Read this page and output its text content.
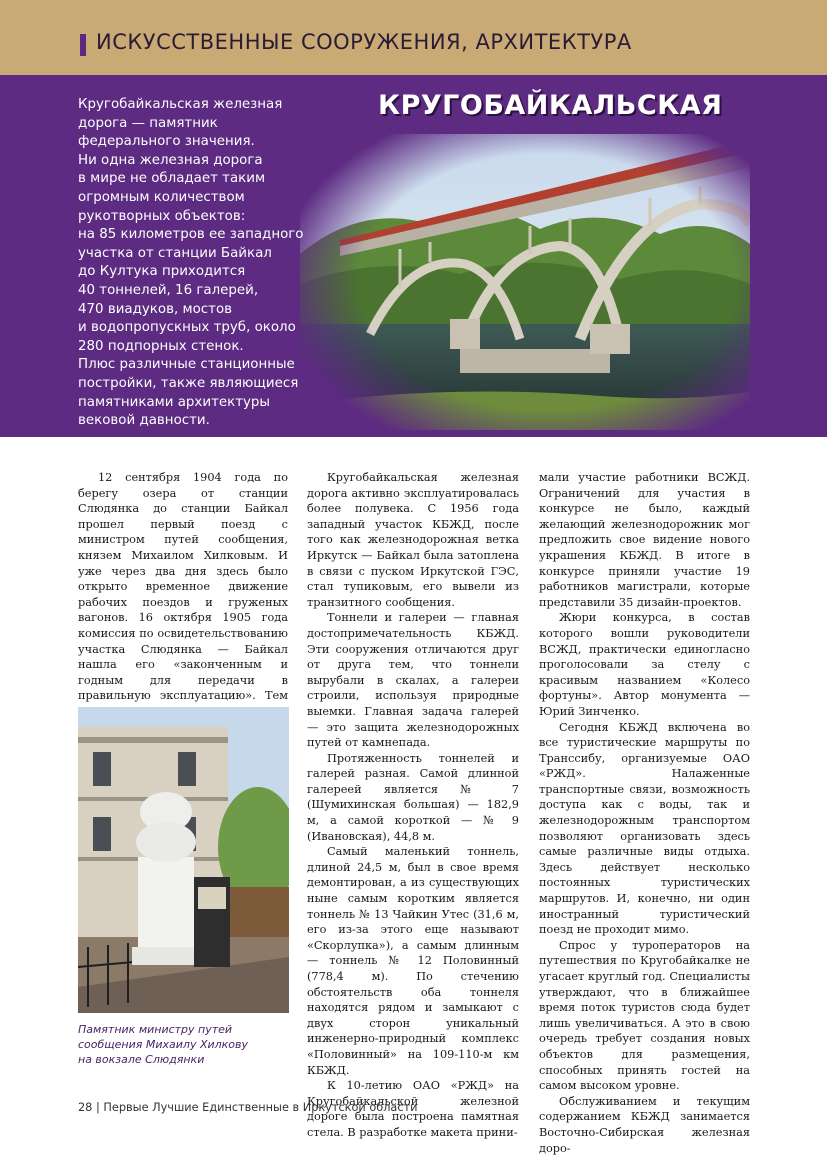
ИСКУССТВЕННЫЕ СООРУЖЕНИЯ, АРХИТЕКТУРА
КРУГОБАЙКАЛЬСКАЯ
Кругобайкальская железная
дорога — памятник
федерального значения.
Ни одна железная дорога
в мире не обладает таким
огромным количеством
рукотворных объектов:
на 85 километров ее западного
участка от станции Байкал
до Култука приходится
40 тоннелей, 16 галерей,
470 виадуков, мостов
и водопропускных труб, около
280 подпорных стенок.
Плюс различные станционные
постройки, также являющиеся
памятниками архитектуры
вековой давности.

12 сентября 1904 года по берегу озера от станции Слюдянка до станции Байкал прошел первый поезд с министром путей сообщения, князем Михаилом Хилковым. И уже через два дня здесь было открыто временное движение рабочих поездов и груженых вагонов. 16 октября 1905 года комиссия по освидетельствованию участка Слюдянка — Байкал нашла его «законченным и годным для передачи в правильную эксплуатацию». Тем

Памятник министру путей
сообщения Михаилу Хилкову
на вокзале Слюдянки

Кругобайкальская железная дорога активно эксплуатировалась более полувека. С 1956 года западный участок КБЖД, после того как железнодорожная ветка Иркутск — Байкал была затоплена в связи с пуском Иркутской ГЭС, стал тупиковым, его вывели из транзитного сообщения.

Тоннели и галереи — главная достопримечательность КБЖД. Эти сооружения отличаются друг от друга тем, что тоннели вырубали в скалах, а галереи строили, используя природные выемки. Главная задача галерей — это защита железнодорожных путей от камнепада.

Протяженность тоннелей и галерей разная. Самой длинной галереей является № 7 (Шумихинская большая) — 182,9 м, а самой короткой — № 9 (Ивановская), 44,8 м.

Самый маленький тоннель, длиной 24,5 м, был в свое время демонтирован, а из существующих ныне самым коротким является тоннель № 13 Чайкин Утес (31,6 м, его из-за этого еще называют «Скорлупка»), а самым длинным — тоннель № 12 Половинный (778,4 м). По стечению обстоятельств оба тоннеля находятся рядом и замыкают с двух сторон уникальный инженерно-природный комплекс «Половинный» на 109-110-м км КБЖД.

К 10-летию ОАО «РЖД» на Кругобайкальской железной дороге была построена памятная стела. В разработке макета прини-

мали участие работники ВСЖД. Ограничений для участия в конкурсе не было, каждый желающий железнодорожник мог предложить свое видение нового украшения КБЖД. В итоге в конкурсе приняли участие 19 работников магистрали, которые представили 35 дизайн-проектов.

Жюри конкурса, в состав которого вошли руководители ВСЖД, практически единогласно проголосовали за стелу с красивым названием «Колесо фортуны». Автор монумента — Юрий Зинченко.

Сегодня КБЖД включена во все туристические маршруты по Транссибу, организуемые ОАО «РЖД». Налаженные транспортные связи, возможность доступа как с воды, так и железнодорожным транспортом позволяют организовать здесь самые различные виды отдыха. Здесь действует несколько постоянных туристических маршрутов. И, конечно, ни один иностранный туристический поезд не проходит мимо.

Спрос у туроператоров на путешествия по Кругобайкалке не угасает круглый год. Специалисты утверждают, что в ближайшее время поток туристов сюда будет лишь увеличиваться. А это в свою очередь требует создания новых объектов для размещения, способных принять гостей на самом высоком уровне.

Обслуживанием и текущим содержанием КБЖД занимается Восточно-Сибирская железная доро-

28 | Первые Лучшие Единственные в Иркутской области
